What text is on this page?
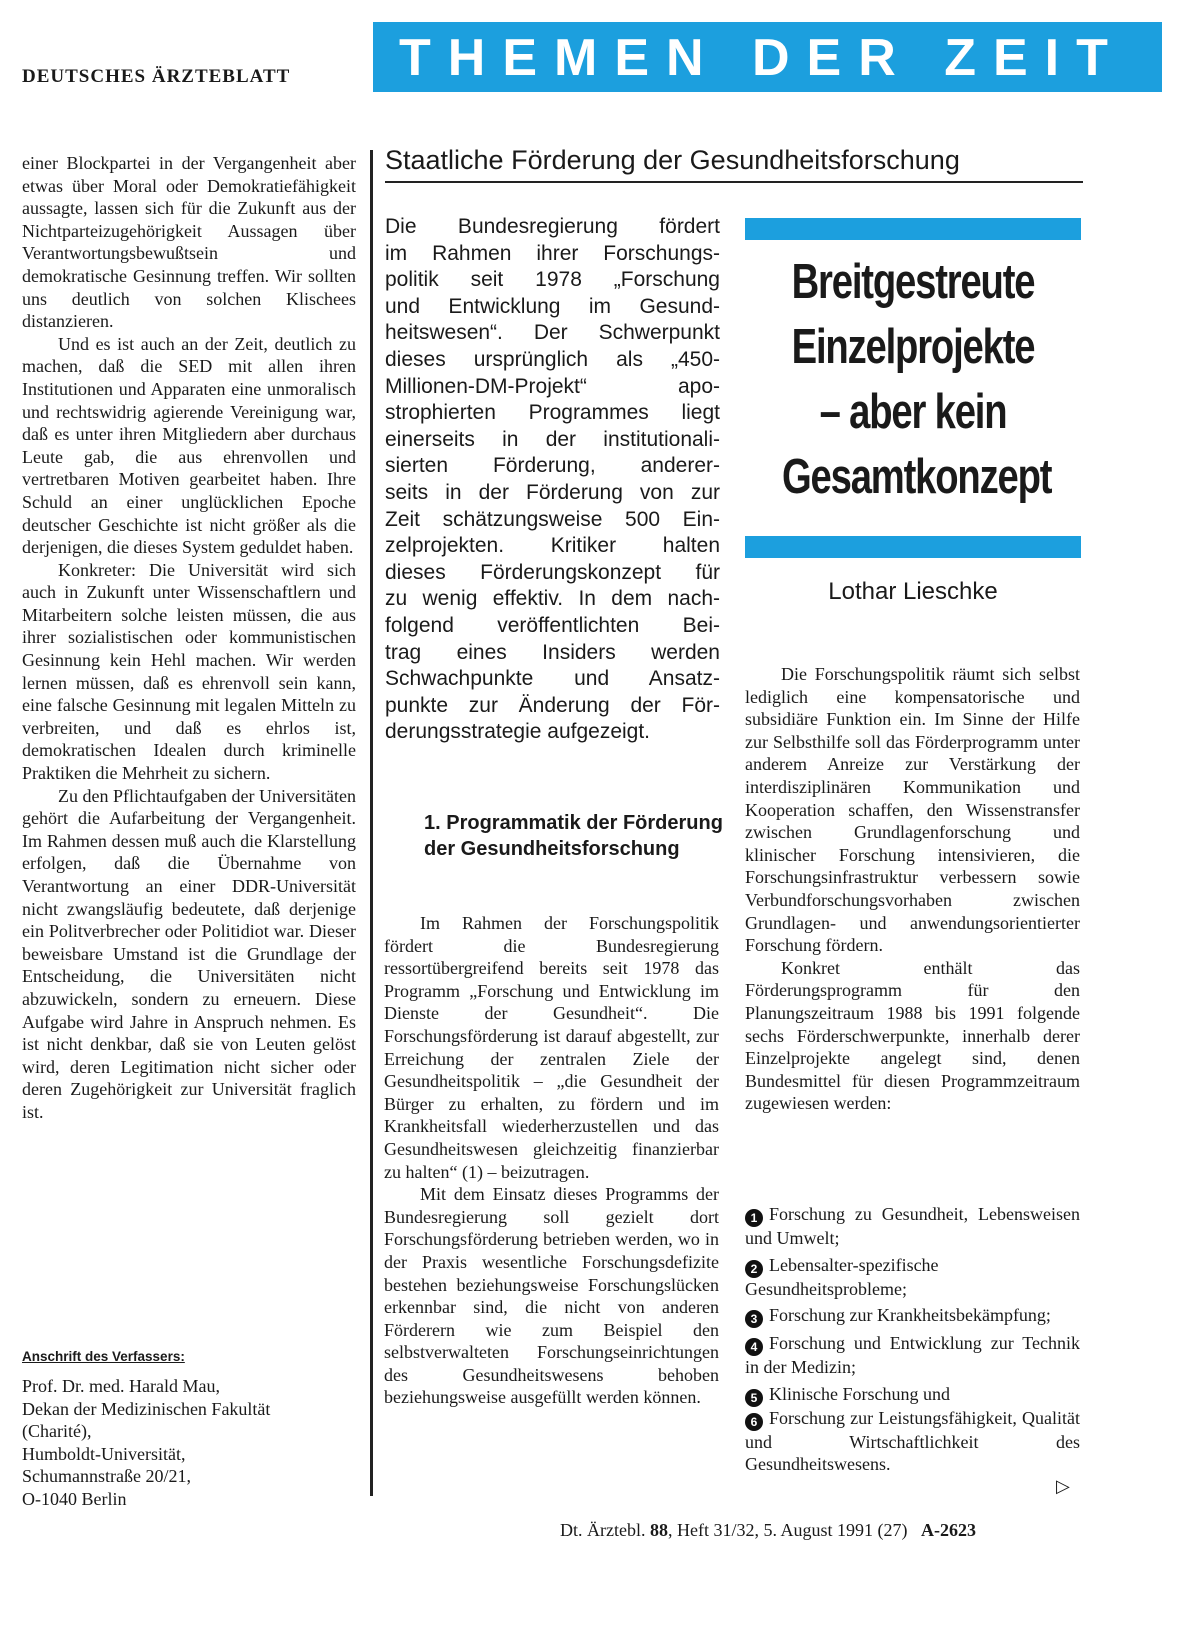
DEUTSCHES ÄRZTEBLATT THEMEN DER ZEIT

einer Blockpartei in der Vergangenheit aber etwas über Moral oder Demokratiefähigkeit aussagte, lassen sich für die Zukunft aus der Nichtparteizugehörigkeit Aussagen über Verantwortungsbewußtsein und demokratische Gesinnung treffen. Wir sollten uns deutlich von solchen Klischees distanzieren.

Und es ist auch an der Zeit, deutlich zu machen, daß die SED mit allen ihren Institutionen und Apparaten eine unmoralisch und rechtswidrig agierende Vereinigung war, daß es unter ihren Mitgliedern aber durchaus Leute gab, die aus ehrenvollen und vertretbaren Motiven gearbeitet haben. Ihre Schuld an einer unglücklichen Epoche deutscher Geschichte ist nicht größer als die derjenigen, die dieses System geduldet haben.

Konkreter: Die Universität wird sich auch in Zukunft unter Wissenschaftlern und Mitarbeitern solche leisten müssen, die aus ihrer sozialistischen oder kommunistischen Gesinnung kein Hehl machen. Wir werden lernen müssen, daß es ehrenvoll sein kann, eine falsche Gesinnung mit legalen Mitteln zu verbreiten, und daß es ehrlos ist, demokratischen Idealen durch kriminelle Praktiken die Mehrheit zu sichern.

Zu den Pflichtaufgaben der Universitäten gehört die Aufarbeitung der Vergangenheit. Im Rahmen dessen muß auch die Klarstellung erfolgen, daß die Übernahme von Verantwortung an einer DDR-Universität nicht zwangsläufig bedeutete, daß derjenige ein Politverbrecher oder Politidiot war. Dieser beweisbare Umstand ist die Grundlage der Entscheidung, die Universitäten nicht abzuwickeln, sondern zu erneuern. Diese Aufgabe wird Jahre in Anspruch nehmen. Es ist nicht denkbar, daß sie von Leuten gelöst wird, deren Legitimation nicht sicher oder deren Zugehörigkeit zur Universität fraglich ist.

Anschrift des Verfassers:
Prof. Dr. med. Harald Mau,
Dekan der Medizinischen Fakultät
(Charité),
Humboldt-Universität,
Schumannstraße 20/21,
O-1040 Berlin
Staatliche Förderung der Gesundheitsforschung
Die Bundesregierung fördert
im Rahmen ihrer Forschungs-
politik seit 1978 „Forschung
und Entwicklung im Gesund-
heitswesen“. Der Schwerpunkt
dieses ursprünglich als „450-
Millionen-DM-Projekt“ apo-
strophierten Programmes liegt
einerseits in der institutionali-
sierten Förderung, anderer-
seits in der Förderung von zur
Zeit schätzungsweise 500 Ein-
zelprojekten. Kritiker halten
dieses Förderungskonzept für
zu wenig effektiv. In dem nach-
folgend veröffentlichten Bei-
trag eines Insiders werden
Schwachpunkte und Ansatz-
punkte zur Änderung der För-
derungsstrategie aufgezeigt.
Breitgestreute
Einzelprojekte
– aber kein
Gesamtkonzept
Lothar Lieschke
1. Programmatik der Förderung der Gesundheitsforschung

Im Rahmen der Forschungspolitik fördert die Bundesregierung ressortübergreifend bereits seit 1978 das Programm „Forschung und Entwicklung im Dienste der Gesundheit“. Die Forschungsförderung ist darauf abgestellt, zur Erreichung der zentralen Ziele der Gesundheitspolitik – „die Gesundheit der Bürger zu erhalten, zu fördern und im Krankheitsfall wiederherzustellen und das Gesundheitswesen gleichzeitig finanzierbar zu halten“ (1) – beizutragen.

Mit dem Einsatz dieses Programms der Bundesregierung soll gezielt dort Forschungsförderung betrieben werden, wo in der Praxis wesentliche Forschungsdefizite bestehen beziehungsweise Forschungslücken erkennbar sind, die nicht von anderen Förderern wie zum Beispiel den selbstverwalteten Forschungseinrichtungen des Gesundheitswesens behoben beziehungsweise ausgefüllt werden können.

Die Forschungspolitik räumt sich selbst lediglich eine kompensatorische und subsidiäre Funktion ein. Im Sinne der Hilfe zur Selbsthilfe soll das Förderprogramm unter anderem Anreize zur Verstärkung der interdisziplinären Kommunikation und Kooperation schaffen, den Wissenstransfer zwischen Grundlagenforschung und klinischer Forschung intensivieren, die Forschungsinfrastruktur verbessern sowie Verbundforschungsvorhaben zwischen Grundlagen- und anwendungsorientierter Forschung fördern.

Konkret enthält das Förderungsprogramm für den Planungszeitraum 1988 bis 1991 folgende sechs Förderschwerpunkte, innerhalb derer Einzelprojekte angelegt sind, denen Bundesmittel für diesen Programmzeitraum zugewiesen werden:

1 Forschung zu Gesundheit, Lebensweisen und Umwelt;
2 Lebensalter-spezifische Gesundheitsprobleme;
3 Forschung zur Krankheitsbekämpfung;
4 Forschung und Entwicklung zur Technik in der Medizin;
5 Klinische Forschung und
6 Forschung zur Leistungsfähigkeit, Qualität und Wirtschaftlichkeit des Gesundheitswesens.
▷
Dt. Ärztebl. 88, Heft 31/32, 5. August 1991 (27) A-2623
